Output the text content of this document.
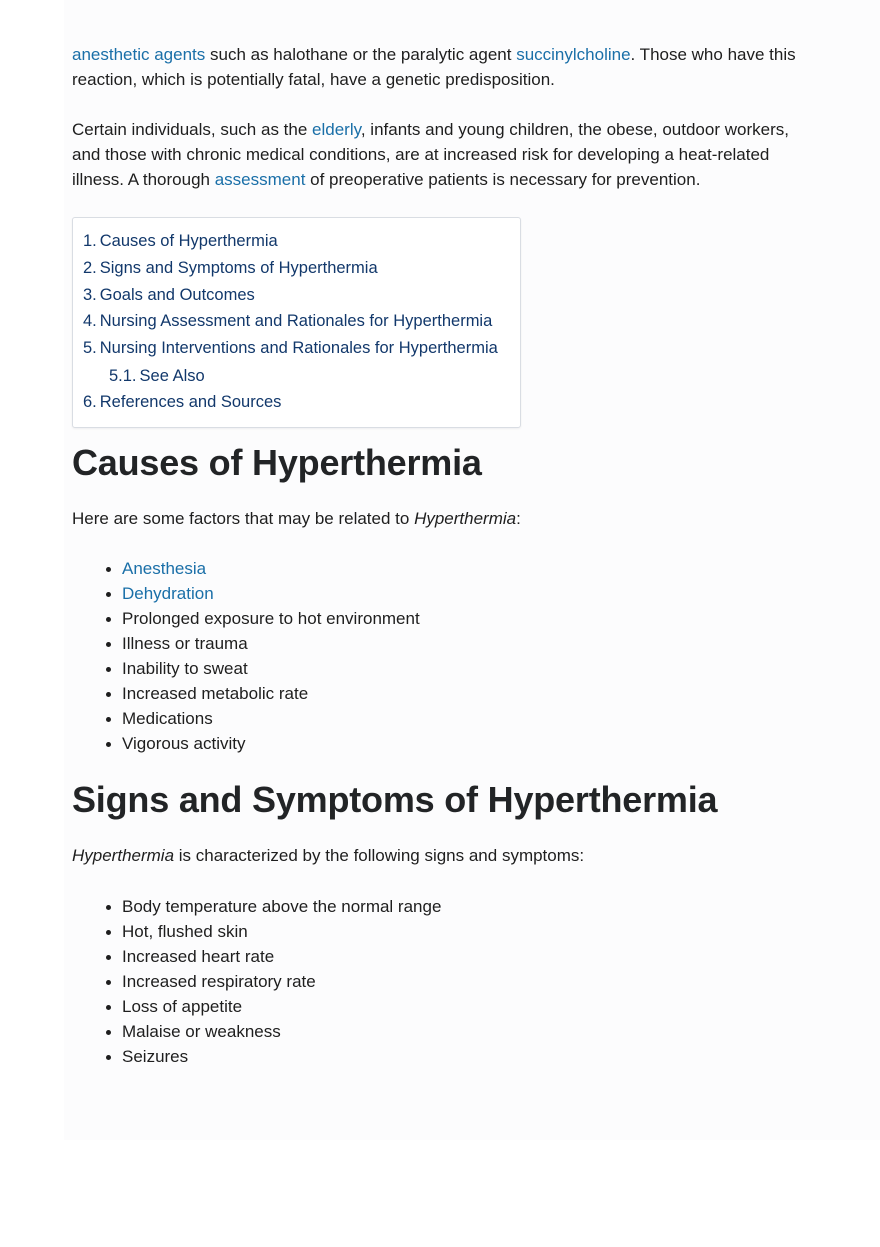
anesthetic agents such as halothane or the paralytic agent succinylcholine. Those who have this reaction, which is potentially fatal, have a genetic predisposition.

Certain individuals, such as the elderly, infants and young children, the obese, outdoor workers, and those with chronic medical conditions, are at increased risk for developing a heat-related illness. A thorough assessment of preoperative patients is necessary for prevention.

1. Causes of Hyperthermia
2. Signs and Symptoms of Hyperthermia
3. Goals and Outcomes
4. Nursing Assessment and Rationales for Hyperthermia
5. Nursing Interventions and Rationales for Hyperthermia
5.1. See Also
6. References and Sources
Causes of Hyperthermia

Here are some factors that may be related to Hyperthermia:

Anesthesia
Dehydration
Prolonged exposure to hot environment
Illness or trauma
Inability to sweat
Increased metabolic rate
Medications
Vigorous activity
Signs and Symptoms of Hyperthermia

Hyperthermia is characterized by the following signs and symptoms:

Body temperature above the normal range
Hot, flushed skin
Increased heart rate
Increased respiratory rate
Loss of appetite
Malaise or weakness
Seizures
